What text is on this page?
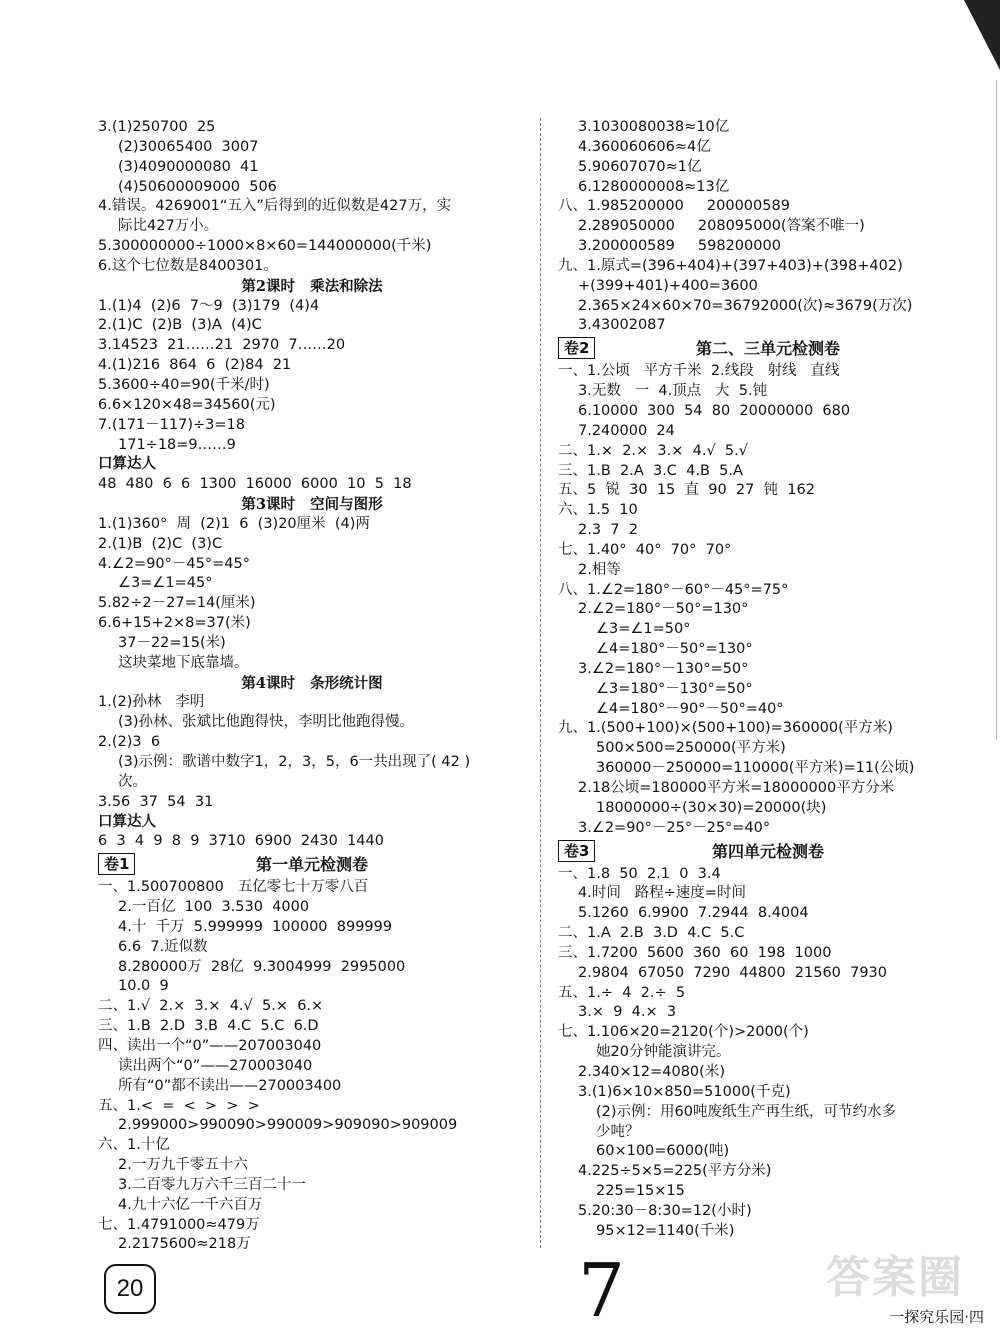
3.(1)250700  25
(2)30065400  3007
(3)4090000080  41
(4)50600009000  506
4.错误。4269001“五入”后得到的近似数是427万，实
际比427万小。
5.300000000÷1000×8×60=144000000(千米)
6.这个七位数是8400301。
第2课时   乘法和除法
1.(1)4  (2)6  7～9  (3)179  (4)4
2.(1)C  (2)B  (3)A  (4)C
3.14523  21……21  2970  7……20
4.(1)216  864  6  (2)84  21
5.3600÷40=90(千米/时)
6.6×120×48=34560(元)
7.(171－117)÷3=18
171÷18=9……9
口算达人
48  480  6  6  1300  16000  6000  10  5  18
第3课时   空间与图形
1.(1)360°  周  (2)1  6  (3)20厘米  (4)两
2.(1)B  (2)C  (3)C
4.∠2=90°－45°=45°
∠3=∠1=45°
5.82÷2－27=14(厘米)
6.6+15+2×8=37(米)
37－22=15(米)
这块菜地下底靠墙。
第4课时   条形统计图
1.(2)孙林   李明
(3)孙林、张斌比他跑得快，李明比他跑得慢。
2.(2)3  6
(3)示例：歌谱中数字1，2，3，5，6一共出现了( 42 )
次。
3.56  37  54  31
口算达人
6  3  4  9  8  9  3710  6900  2430  1440
卷1	第一单元检测卷
一、1.500700800   五亿零七十万零八百
2.一百亿  100  3.530  4000
4.十  千万  5.999999  100000  899999
6.6  7.近似数
8.280000万  28亿  9.3004999  2995000
10.0  9
二、1.√  2.×  3.×  4.√  5.×  6.×
三、1.B  2.D  3.B  4.C  5.C  6.D
四、读出一个“0”——207003040
读出两个“0”——270003040
所有“0”都不读出——270003400
五、1.<  =  <  >  >  >
2.999000>990090>990009>909090>909009
六、1.十亿
2.一万九千零五十六
3.二百零九万六千三百二十一
4.九十六亿一千六百万
七、1.4791000≈479万
2.2175600≈218万
3.1030080038≈10亿
4.360060606≈4亿
5.90607070≈1亿
6.1280000008≈13亿
八、1.985200000     200000589
2.289050000     208095000(答案不唯一)
3.200000589     598200000
九、1.原式=(396+404)+(397+403)+(398+402)
+(399+401)+400=3600
2.365×24×60×70=36792000(次)≈3679(万次)
3.43002087
卷2	第二、三单元检测卷
一、1.公顷   平方千米  2.线段   射线   直线
3.无数   一  4.顶点   大  5.钝
6.10000  300  54  80  20000000  680
7.240000  24
二、1.×  2.×  3.×  4.√  5.√
三、1.B  2.A  3.C  4.B  5.A
五、5  锐  30  15  直  90  27  钝  162
六、1.5  10
2.3  7  2
七、1.40°  40°  70°  70°
2.相等
八、1.∠2=180°－60°－45°=75°
2.∠2=180°－50°=130°
∠3=∠1=50°
∠4=180°－50°=130°
3.∠2=180°－130°=50°
∠3=180°－130°=50°
∠4=180°－90°－50°=40°
九、1.(500+100)×(500+100)=360000(平方米)
500×500=250000(平方米)
360000－250000=110000(平方米)=11(公顷)
2.18公顷=180000平方米=18000000平方分米
18000000÷(30×30)=20000(块)
3.∠2=90°－25°－25°=40°
卷3	第四单元检测卷
一、1.8  50  2.1  0  3.4
4.时间   路程÷速度=时间
5.1260  6.9900  7.2944  8.4004
二、1.A  2.B  3.D  4.C  5.C
三、1.7200  5600  360  60  198  1000
2.9804  67050  7290  44800  21560  7930
五、1.÷  4  2.÷  5
3.×  9  4.×  3
七、1.106×20=2120(个)>2000(个)
她20分钟能演讲完。
2.340×12=4080(米)
3.(1)6×10×850=51000(千克)
(2)示例：用60吨废纸生产再生纸，可节约水多
少吨？
60×100=6000(吨)
4.225÷5×5=225(平方分米)
225=15×15
5.20:30－8:30=12(小时)
95×12=1140(千米)
20	7	一探究乐园·四
答案圈
